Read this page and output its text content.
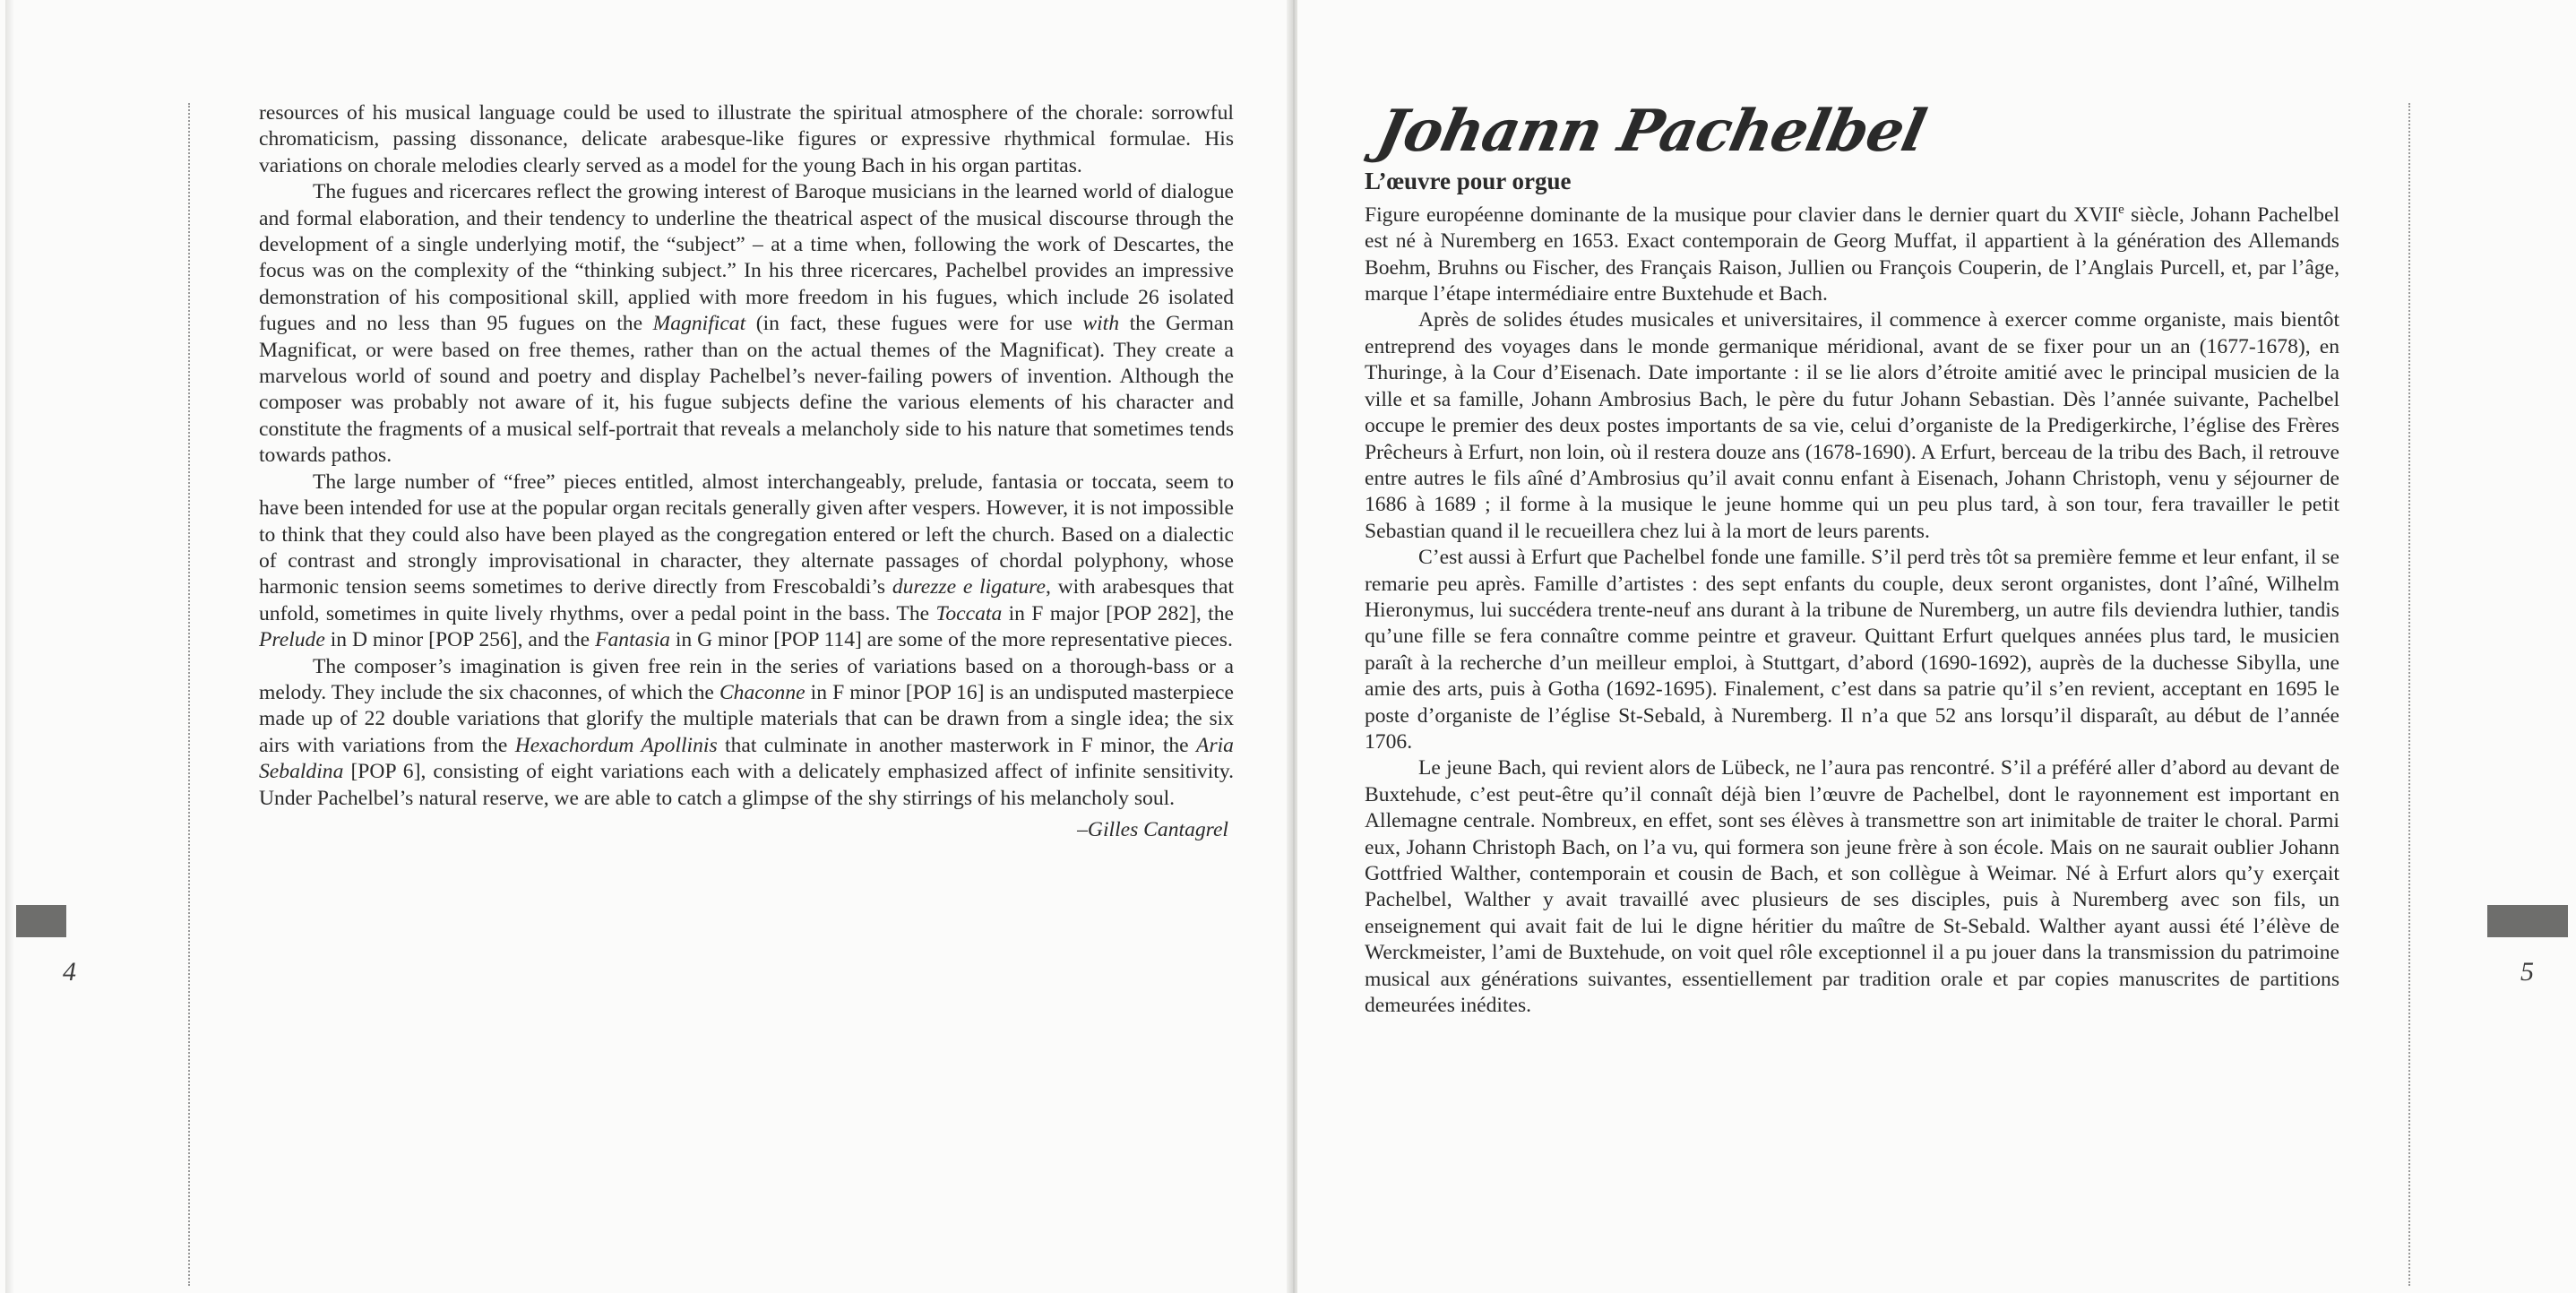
4

resources of his musical language could be used to illustrate the spiritual atmosphere of the chorale: sorrowful chromaticism, passing dissonance, delicate arabesque-like figures or expressive rhythmical formulae. His variations on chorale melodies clearly served as a model for the young Bach in his organ partitas.

The fugues and ricercares reflect the growing interest of Baroque musicians in the learned world of dialogue and formal elaboration, and their tendency to underline the theatrical aspect of the musical discourse through the development of a single underlying motif, the “subject” – at a time when, following the work of Descartes, the focus was on the complexity of the “thinking subject.” In his three ricercares, Pachelbel provides an impressive demonstration of his compositional skill, applied with more freedom in his fugues, which include 26 isolated fugues and no less than 95 fugues on the Magnificat (in fact, these fugues were for use with the German Magnificat, or were based on free themes, rather than on the actual themes of the Magnificat). They create a marvelous world of sound and poetry and display Pachelbel’s never-failing powers of invention. Although the composer was probably not aware of it, his fugue subjects define the various elements of his character and constitute the fragments of a musical self-portrait that reveals a melancholy side to his nature that sometimes tends towards pathos.

The large number of “free” pieces entitled, almost interchangeably, prelude, fantasia or toccata, seem to have been intended for use at the popular organ recitals generally given after vespers. However, it is not impossible to think that they could also have been played as the congregation entered or left the church. Based on a dialectic of contrast and strongly improvisational in character, they alternate passages of chordal polyphony, whose harmonic tension seems sometimes to derive directly from Frescobaldi’s durezze e ligature, with arabesques that unfold, sometimes in quite lively rhythms, over a pedal point in the bass. The Toccata in F major [POP 282], the Prelude in D minor [POP 256], and the Fantasia in G minor [POP 114] are some of the more representative pieces.

The composer’s imagination is given free rein in the series of variations based on a thorough-bass or a melody. They include the six chaconnes, of which the Chaconne in F minor [POP 16] is an undisputed masterpiece made up of 22 double variations that glorify the multiple materials that can be drawn from a single idea; the six airs with variations from the Hexachordum Apollinis that culminate in another masterwork in F minor, the Aria Sebaldina [POP 6], consisting of eight variations each with a delicately emphasized affect of infinite sensitivity. Under Pachelbel’s natural reserve, we are able to catch a glimpse of the shy stirrings of his melancholy soul.

–Gilles Cantagrel
5
Johann Pachelbel
L’œuvre pour orgue

Figure européenne dominante de la musique pour clavier dans le dernier quart du XVIIe siècle, Johann Pachelbel est né à Nuremberg en 1653. Exact contemporain de Georg Muffat, il appartient à la génération des Allemands Boehm, Bruhns ou Fischer, des Français Raison, Jullien ou François Couperin, de l’Anglais Purcell, et, par l’âge, marque l’étape intermédiaire entre Buxtehude et Bach.

Après de solides études musicales et universitaires, il commence à exercer comme organiste, mais bientôt entreprend des voyages dans le monde germanique méridional, avant de se fixer pour un an (1677-1678), en Thuringe, à la Cour d’Eisenach. Date importante : il se lie alors d’étroite amitié avec le principal musicien de la ville et sa famille, Johann Ambrosius Bach, le père du futur Johann Sebastian. Dès l’année suivante, Pachelbel occupe le premier des deux postes importants de sa vie, celui d’organiste de la Predigerkirche, l’église des Frères Prêcheurs à Erfurt, non loin, où il restera douze ans (1678-1690). A Erfurt, berceau de la tribu des Bach, il retrouve entre autres le fils aîné d’Ambrosius qu’il avait connu enfant à Eisenach, Johann Christoph, venu y séjourner de 1686 à 1689 ; il forme à la musique le jeune homme qui un peu plus tard, à son tour, fera travailler le petit Sebastian quand il le recueillera chez lui à la mort de leurs parents.

C’est aussi à Erfurt que Pachelbel fonde une famille. S’il perd très tôt sa première femme et leur enfant, il se remarie peu après. Famille d’artistes : des sept enfants du couple, deux seront organistes, dont l’aîné, Wilhelm Hieronymus, lui succédera trente-neuf ans durant à la tribune de Nuremberg, un autre fils deviendra luthier, tandis qu’une fille se fera connaître comme peintre et graveur. Quittant Erfurt quelques années plus tard, le musicien paraît à la recherche d’un meilleur emploi, à Stuttgart, d’abord (1690-1692), auprès de la duchesse Sibylla, une amie des arts, puis à Gotha (1692-1695). Finalement, c’est dans sa patrie qu’il s’en revient, acceptant en 1695 le poste d’organiste de l’église St-Sebald, à Nuremberg. Il n’a que 52 ans lorsqu’il disparaît, au début de l’année 1706.

Le jeune Bach, qui revient alors de Lübeck, ne l’aura pas rencontré. S’il a préféré aller d’abord au devant de Buxtehude, c’est peut-être qu’il connaît déjà bien l’œuvre de Pachelbel, dont le rayonnement est important en Allemagne centrale. Nombreux, en effet, sont ses élèves à transmettre son art inimitable de traiter le choral. Parmi eux, Johann Christoph Bach, on l’a vu, qui formera son jeune frère à son école. Mais on ne saurait oublier Johann Gottfried Walther, contemporain et cousin de Bach, et son collègue à Weimar. Né à Erfurt alors qu’y exerçait Pachelbel, Walther y avait travaillé avec plusieurs de ses disciples, puis à Nuremberg avec son fils, un enseignement qui avait fait de lui le digne héritier du maître de St-Sebald. Walther ayant aussi été l’élève de Werckmeister, l’ami de Buxtehude, on voit quel rôle exceptionnel il a pu jouer dans la transmission du patrimoine musical aux générations suivantes, essentiellement par tradition orale et par copies manuscrites de partitions demeurées inédites.
